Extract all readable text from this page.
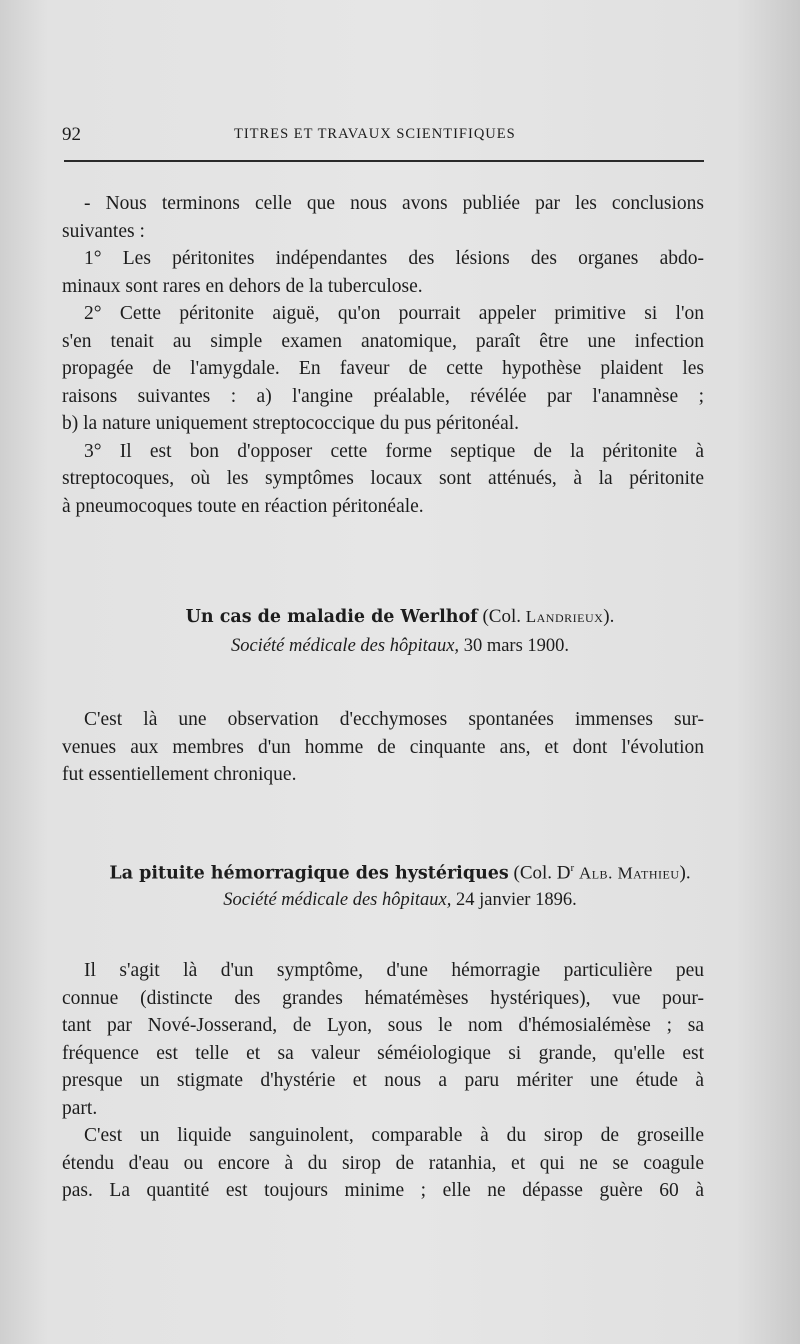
92	TITRES ET TRAVAUX SCIENTIFIQUES
- Nous terminons celle que nous avons publiée par les conclusions
suivantes :
1° Les péritonites indépendantes des lésions des organes abdo-
minaux sont rares en dehors de la tuberculose.
2° Cette péritonite aiguë, qu'on pourrait appeler primitive si l'on
s'en tenait au simple examen anatomique, paraît être une infection
propagée de l'amygdale. En faveur de cette hypothèse plaident les
raisons suivantes : a) l'angine préalable, révélée par l'anamnèse ;
b) la nature uniquement streptococcique du pus péritonéal.
3° Il est bon d'opposer cette forme septique de la péritonite à
streptocoques, où les symptômes locaux sont atténués, à la péritonite
à pneumocoques toute en réaction péritonéale.

Un cas de maladie de Werlhof (Col. Landrieux).

Société médicale des hôpitaux, 30 mars 1900.

C'est là une observation d'ecchymoses spontanées immenses sur-
venues aux membres d'un homme de cinquante ans, et dont l'évolution
fut essentiellement chronique.

La pituite hémorragique des hystériques (Col. $D^r$ Alb. Mathieu).

Société médicale des hôpitaux, 24 janvier 1896.

Il s'agit là d'un symptôme, d'une hémorragie particulière peu
connue (distincte des grandes hématémèses hystériques), vue pour-
tant par Nové-Josserand, de Lyon, sous le nom d'hémosialémèse ; sa
fréquence est telle et sa valeur séméiologique si grande, qu'elle est
presque un stigmate d'hystérie et nous a paru mériter une étude à
part.
C'est un liquide sanguinolent, comparable à du sirop de groseille
étendu d'eau ou encore à du sirop de ratanhia, et qui ne se coagule
pas. La quantité est toujours minime ; elle ne dépasse guère 60 à
